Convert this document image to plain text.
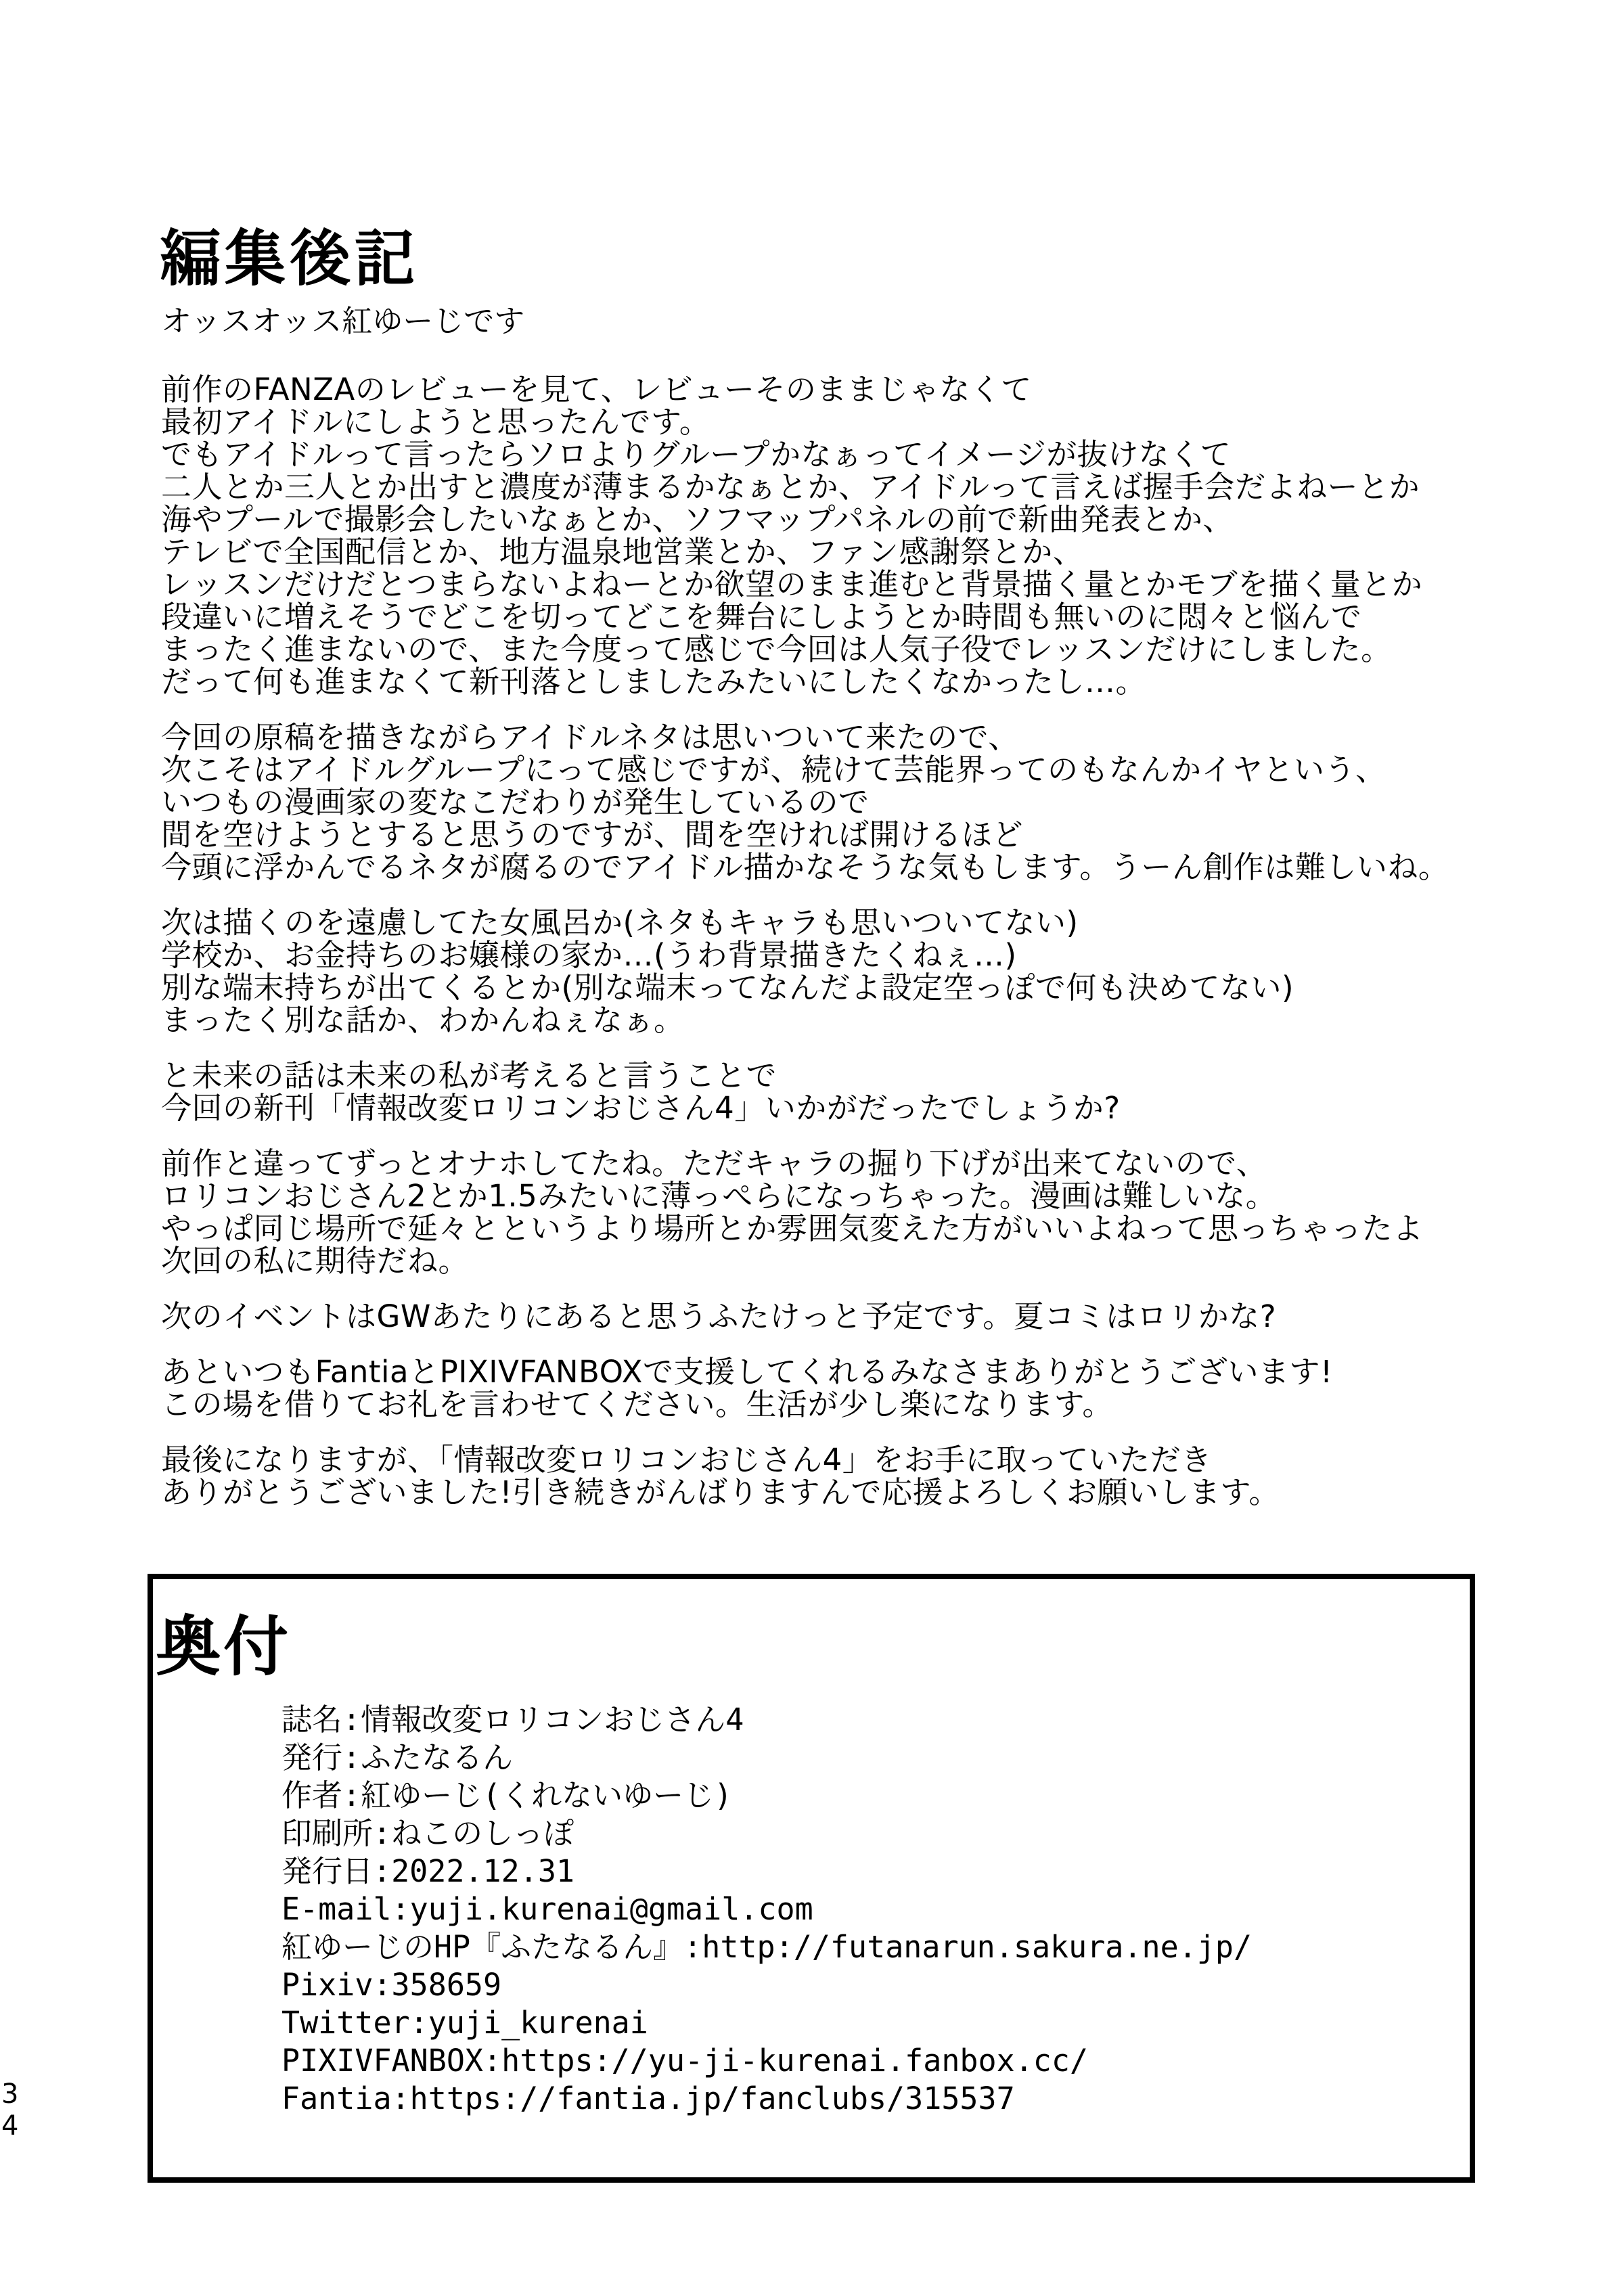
編集後記
オッスオッス紅ゆーじです
前作のFANZAのレビューを見て、レビューそのままじゃなくて
最初アイドルにしようと思ったんです。
でもアイドルって言ったらソロよりグループかなぁってイメージが抜けなくて
二人とか三人とか出すと濃度が薄まるかなぁとか、アイドルって言えば握手会だよねーとか
海やプールで撮影会したいなぁとか、ソフマップパネルの前で新曲発表とか、
テレビで全国配信とか、地方温泉地営業とか、ファン感謝祭とか、
レッスンだけだとつまらないよねーとか欲望のまま進むと背景描く量とかモブを描く量とか
段違いに増えそうでどこを切ってどこを舞台にしようとか時間も無いのに悶々と悩んで
まったく進まないので、また今度って感じで今回は人気子役でレッスンだけにしました。
だって何も進まなくて新刊落としましたみたいにしたくなかったし…。
今回の原稿を描きながらアイドルネタは思いついて来たので、
次こそはアイドルグループにって感じですが、続けて芸能界ってのもなんかイヤという、
いつもの漫画家の変なこだわりが発生しているので
間を空けようとすると思うのですが、間を空ければ開けるほど
今頭に浮かんでるネタが腐るのでアイドル描かなそうな気もします。うーん創作は難しいね。
次は描くのを遠慮してた女風呂か(ネタもキャラも思いついてない)
学校か、お金持ちのお嬢様の家か…(うわ背景描きたくねぇ…)
別な端末持ちが出てくるとか(別な端末ってなんだよ設定空っぽで何も決めてない)
まったく別な話か、わかんねぇなぁ。
と未来の話は未来の私が考えると言うことで
今回の新刊「情報改変ロリコンおじさん4」いかがだったでしょうか?
前作と違ってずっとオナホしてたね。ただキャラの掘り下げが出来てないので、
ロリコンおじさん2とか1.5みたいに薄っぺらになっちゃった。漫画は難しいな。
やっぱ同じ場所で延々とというより場所とか雰囲気変えた方がいいよねって思っちゃったよ
次回の私に期待だね。
次のイベントはGWあたりにあると思うふたけっと予定です。夏コミはロリかな?
あといつもFantiaとPIXIVFANBOXで支援してくれるみなさまありがとうございます!
この場を借りてお礼を言わせてください。生活が少し楽になります。
最後になりますが、「情報改変ロリコンおじさん4」をお手に取っていただき
ありがとうございました!引き続きがんばりますんで応援よろしくお願いします。
奥付
誌名:情報改変ロリコンおじさん4
発行:ふたなるん
作者:紅ゆーじ(くれないゆーじ)
印刷所:ねこのしっぽ
発行日:2022.12.31
E-mail:yuji.kurenai@gmail.com
紅ゆーじのHP『ふたなるん』:http://futanarun.sakura.ne.jp/
Pixiv:358659
Twitter:yuji_kurenai
PIXIVFANBOX:https://yu-ji-kurenai.fanbox.cc/
Fantia:https://fantia.jp/fanclubs/315537
3
4
